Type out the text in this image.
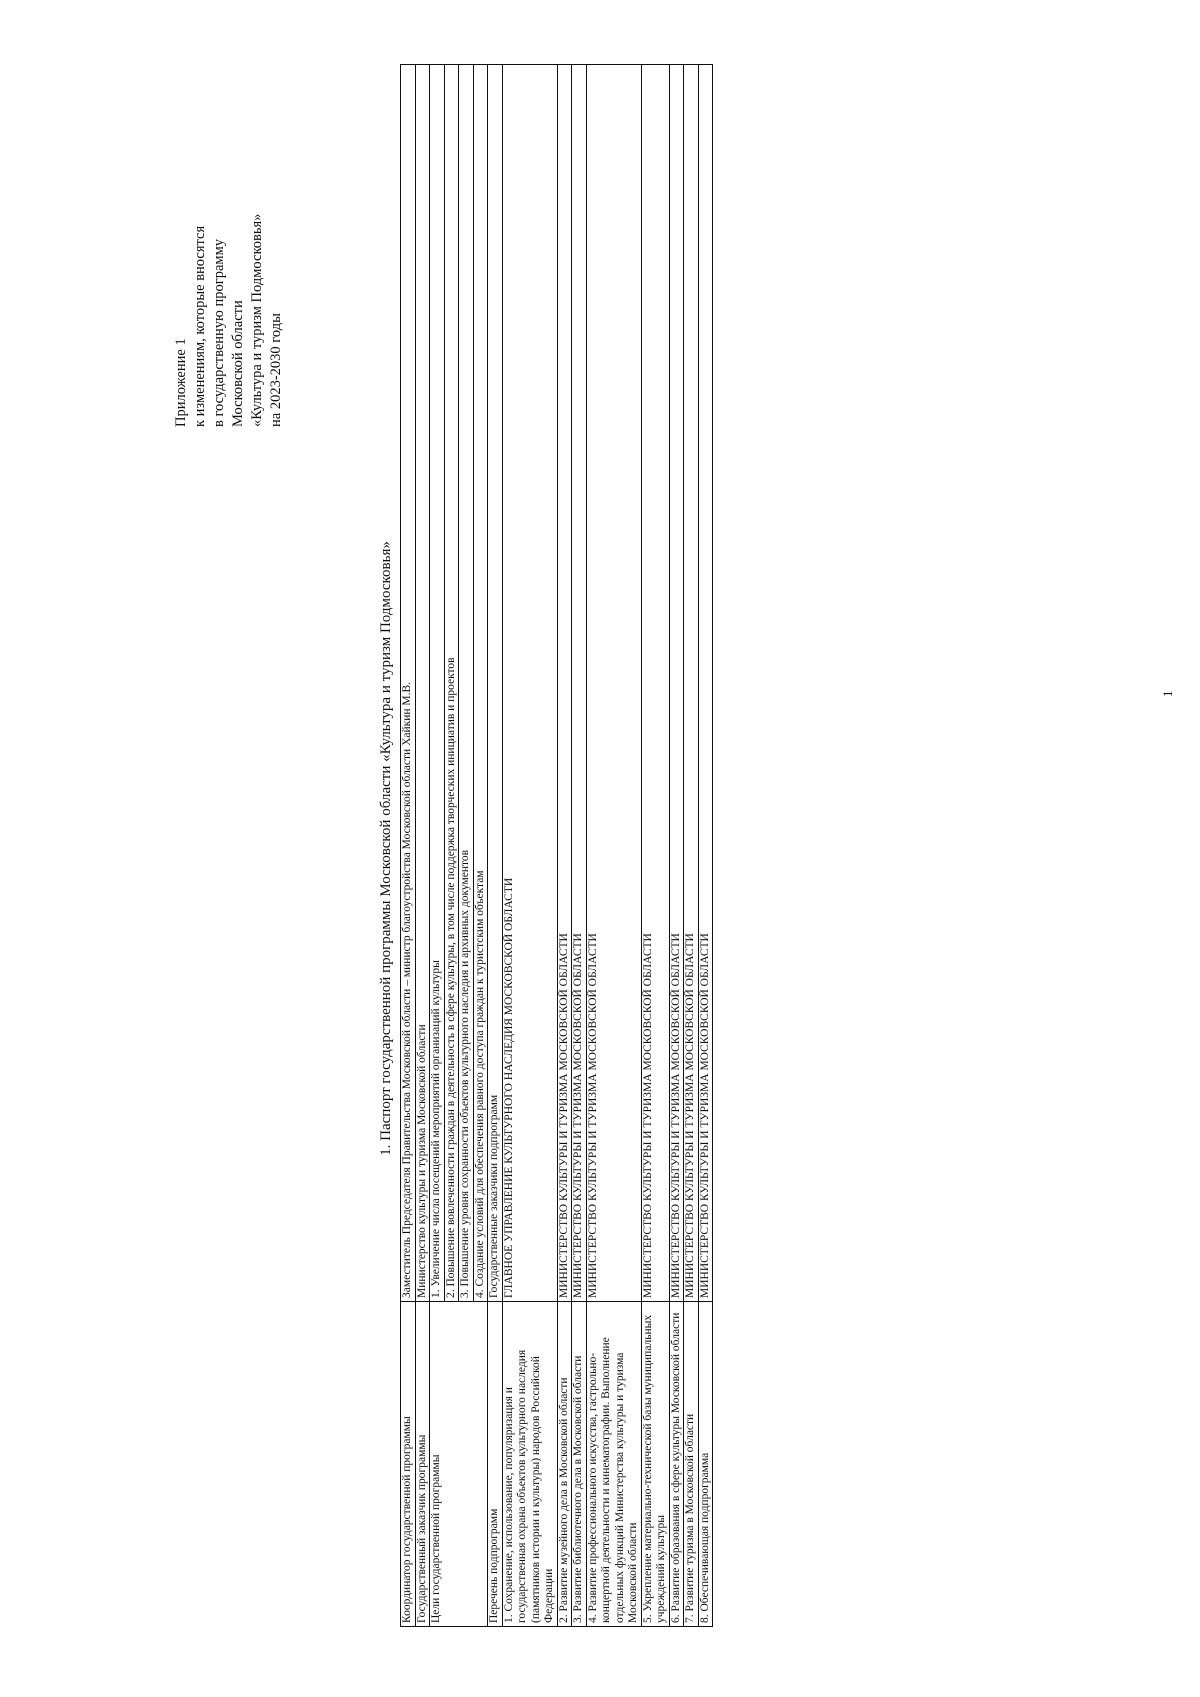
Приложение 1 к изменениям, которые вносятся в государственную программу Московской области «Культура и туризм Подмосковья» на 2023-2030 годы
1. Паспорт государственной программы Московской области «Культура и туризм Подмосковья»
Координатор государственной программы	Заместитель Председателя Правительства Московской области – министр благоустройства Московской области Хайкин М.В.
Государственный заказчик программы	Министерство культуры и туризма Московской области
Цели государственной программы	1. Увеличение числа посещений мероприятий организаций культуры
	2. Повышение вовлеченности граждан в деятельность в сфере культуры, в том числе поддержка творческих инициатив и проектов
	3. Повышение уровня сохранности объектов культурного наследия и архивных документов
	4. Создание условий для обеспечения равного доступа граждан к туристским объектам
Перечень подпрограмм	Государственные заказчики подпрограмм
1. Сохранение, использование, популяризация и государственная охрана объектов культурного наследия (памятников истории и культуры) народов Российской Федерации	ГЛАВНОЕ УПРАВЛЕНИЕ КУЛЬТУРНОГО НАСЛЕДИЯ МОСКОВСКОЙ ОБЛАСТИ
2. Развитие музейного дела в Московской области	МИНИСТЕРСТВО КУЛЬТУРЫ И ТУРИЗМА МОСКОВСКОЙ ОБЛАСТИ
3. Развитие библиотечного дела в Московской области	МИНИСТЕРСТВО КУЛЬТУРЫ И ТУРИЗМА МОСКОВСКОЙ ОБЛАСТИ
4. Развитие профессионального искусства, гастрольно-концертной деятельности и кинематографии. Выполнение отдельных функций Министерства культуры и туризма Московской области	МИНИСТЕРСТВО КУЛЬТУРЫ И ТУРИЗМА МОСКОВСКОЙ ОБЛАСТИ
5. Укрепление материально-технической базы муниципальных учреждений культуры	МИНИСТЕРСТВО КУЛЬТУРЫ И ТУРИЗМА МОСКОВСКОЙ ОБЛАСТИ
6. Развитие образования в сфере культуры Московской области	МИНИСТЕРСТВО КУЛЬТУРЫ И ТУРИЗМА МОСКОВСКОЙ ОБЛАСТИ
7. Развитие туризма в Московской области	МИНИСТЕРСТВО КУЛЬТУРЫ И ТУРИЗМА МОСКОВСКОЙ ОБЛАСТИ
8. Обеспечивающая подпрограмма	МИНИСТЕРСТВО КУЛЬТУРЫ И ТУРИЗМА МОСКОВСКОЙ ОБЛАСТИ
1
